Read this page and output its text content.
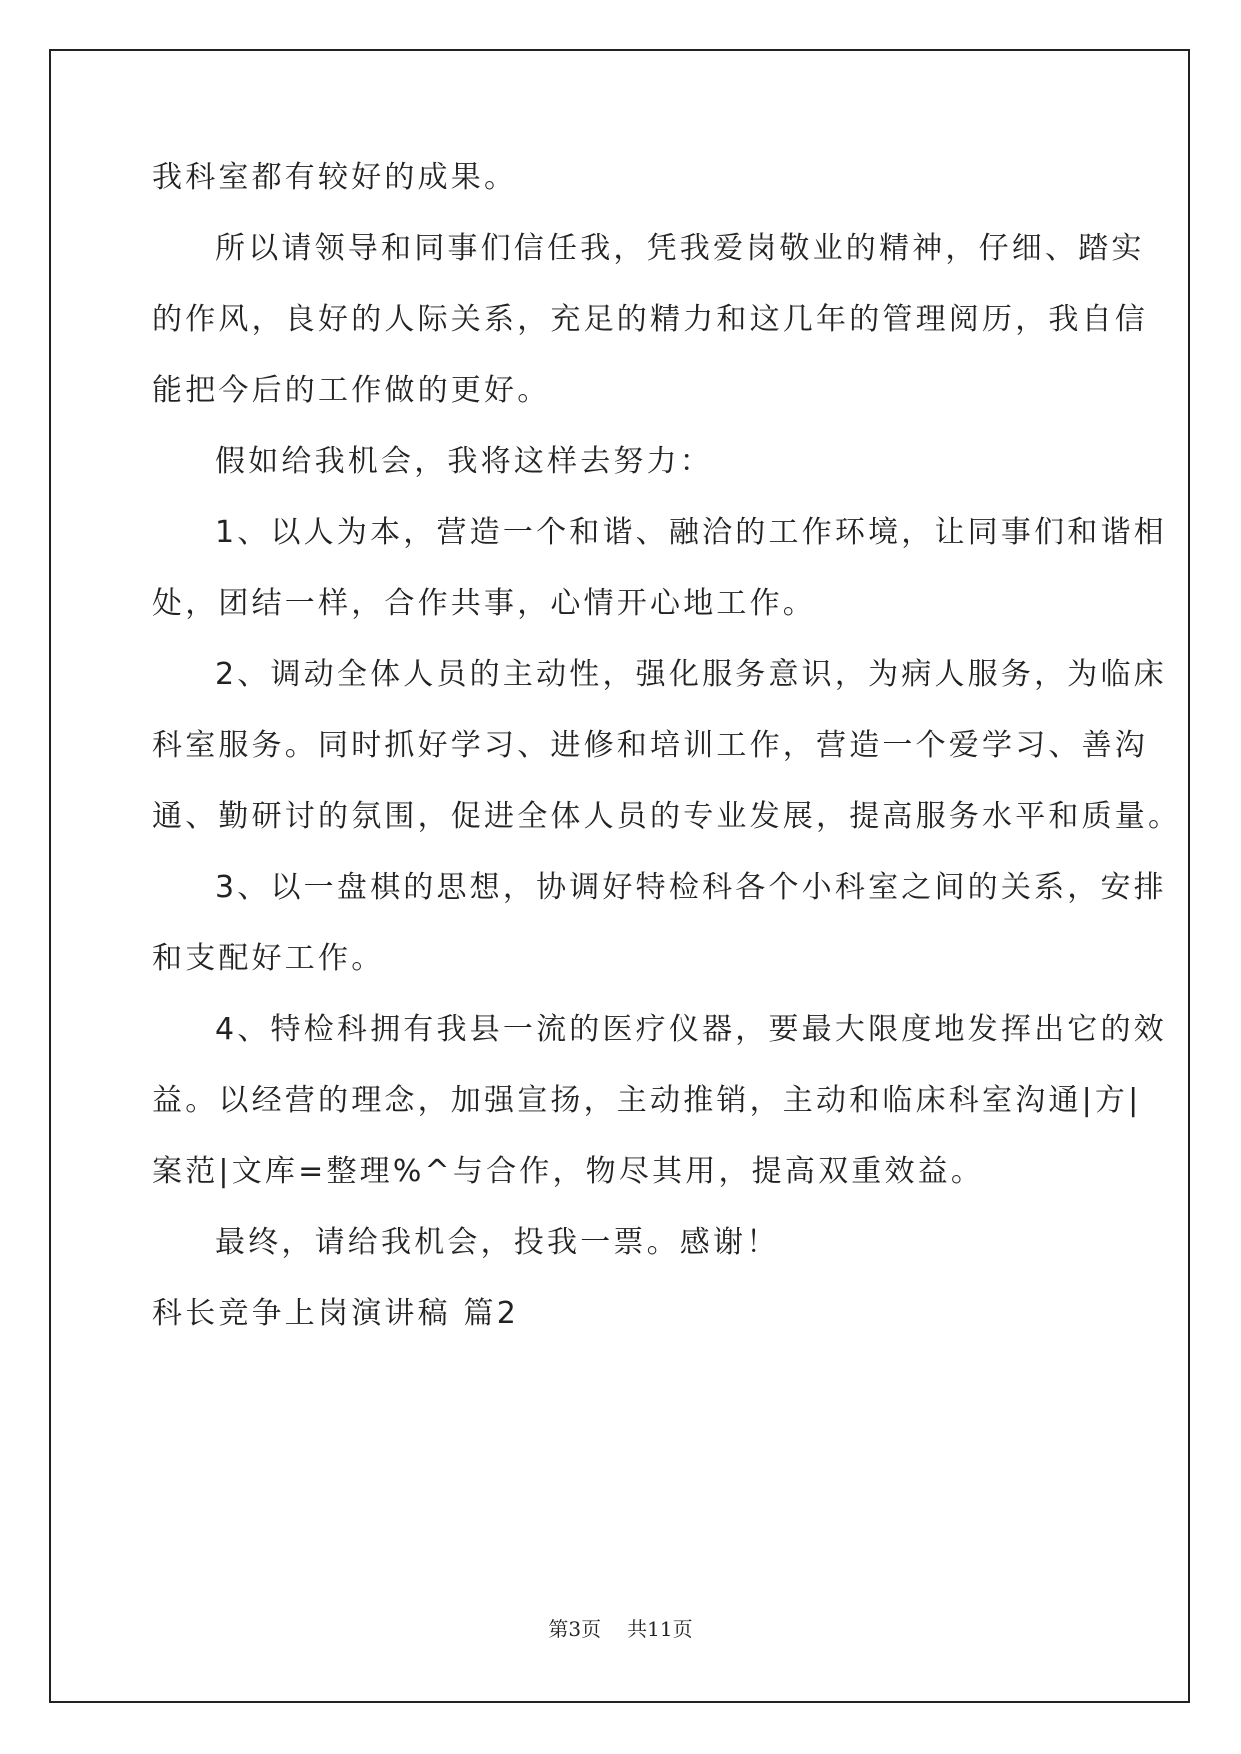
我科室都有较好的成果。
所以请领导和同事们信任我，凭我爱岗敬业的精神，仔细、踏实
的作风，良好的人际关系，充足的精力和这几年的管理阅历，我自信
能把今后的工作做的更好。
假如给我机会，我将这样去努力：
1、以人为本，营造一个和谐、融洽的工作环境，让同事们和谐相
处，团结一样，合作共事，心情开心地工作。
2、调动全体人员的主动性，强化服务意识，为病人服务，为临床
科室服务。同时抓好学习、进修和培训工作，营造一个爱学习、善沟
通、勤研讨的氛围，促进全体人员的专业发展，提高服务水平和质量。
3、以一盘棋的思想，协调好特检科各个小科室之间的关系，安排
和支配好工作。
4、特检科拥有我县一流的医疗仪器，要最大限度地发挥出它的效
益。以经营的理念，加强宣扬，主动推销，主动和临床科室沟通|方|
案范|文库=整理%^与合作，物尽其用，提高双重效益。
最终，请给我机会，投我一票。感谢！
科长竞争上岗演讲稿 篇2
第3页 共11页
